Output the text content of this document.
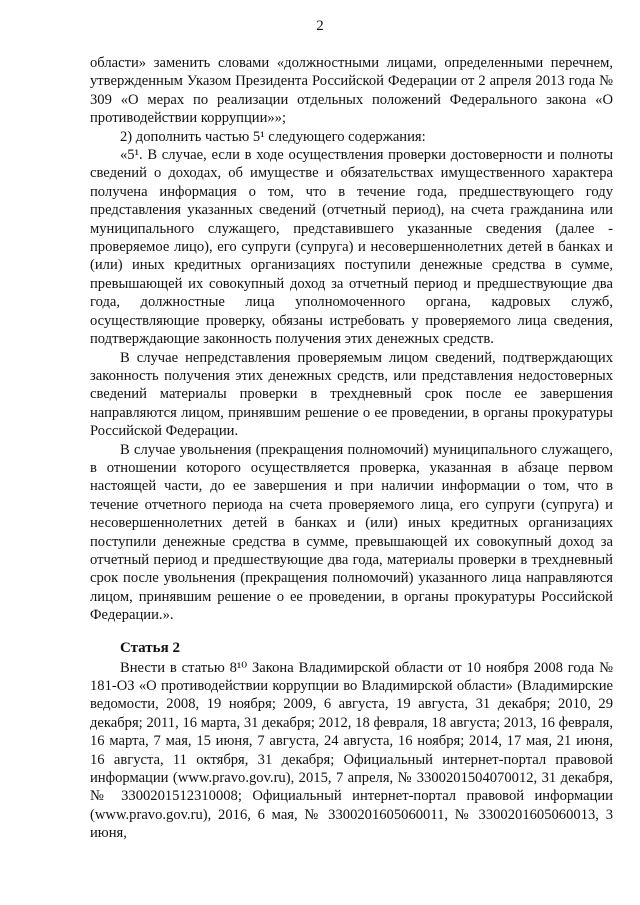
2

области» заменить словами «должностными лицами, определенными перечнем, утвержденным Указом Президента Российской Федерации от 2 апреля 2013 года № 309 «О мерах по реализации отдельных положений Федерального закона «О противодействии коррупции»»;

2) дополнить частью 5¹ следующего содержания:

«5¹. В случае, если в ходе осуществления проверки достоверности и полноты сведений о доходах, об имуществе и обязательствах имущественного характера получена информация о том, что в течение года, предшествующего году представления указанных сведений (отчетный период), на счета гражданина или муниципального служащего, представившего указанные сведения (далее - проверяемое лицо), его супруги (супруга) и несовершеннолетних детей в банках и (или) иных кредитных организациях поступили денежные средства в сумме, превышающей их совокупный доход за отчетный период и предшествующие два года, должностные лица уполномоченного органа, кадровых служб, осуществляющие проверку, обязаны истребовать у проверяемого лица сведения, подтверждающие законность получения этих денежных средств.

В случае непредставления проверяемым лицом сведений, подтверждающих законность получения этих денежных средств, или представления недостоверных сведений материалы проверки в трехдневный срок после ее завершения направляются лицом, принявшим решение о ее проведении, в органы прокуратуры Российской Федерации.

В случае увольнения (прекращения полномочий) муниципального служащего, в отношении которого осуществляется проверка, указанная в абзаце первом настоящей части, до ее завершения и при наличии информации о том, что в течение отчетного периода на счета проверяемого лица, его супруги (супруга) и несовершеннолетних детей в банках и (или) иных кредитных организациях поступили денежные средства в сумме, превышающей их совокупный доход за отчетный период и предшествующие два года, материалы проверки в трехдневный срок после увольнения (прекращения полномочий) указанного лица направляются лицом, принявшим решение о ее проведении, в органы прокуратуры Российской Федерации.».

Статья 2

Внести в статью 8¹⁰ Закона Владимирской области от 10 ноября 2008 года № 181-ОЗ «О противодействии коррупции во Владимирской области» (Владимирские ведомости, 2008, 19 ноября; 2009, 6 августа, 19 августа, 31 декабря; 2010, 29 декабря; 2011, 16 марта, 31 декабря; 2012, 18 февраля, 18 августа; 2013, 16 февраля, 16 марта, 7 мая, 15 июня, 7 августа, 24 августа, 16 ноября; 2014, 17 мая, 21 июня, 16 августа, 11 октября, 31 декабря; Официальный интернет-портал правовой информации (www.pravo.gov.ru), 2015, 7 апреля, № 3300201504070012, 31 декабря, № 3300201512310008; Официальный интернет-портал правовой информации (www.pravo.gov.ru), 2016, 6 мая, № 3300201605060011, № 3300201605060013, 3 июня,
